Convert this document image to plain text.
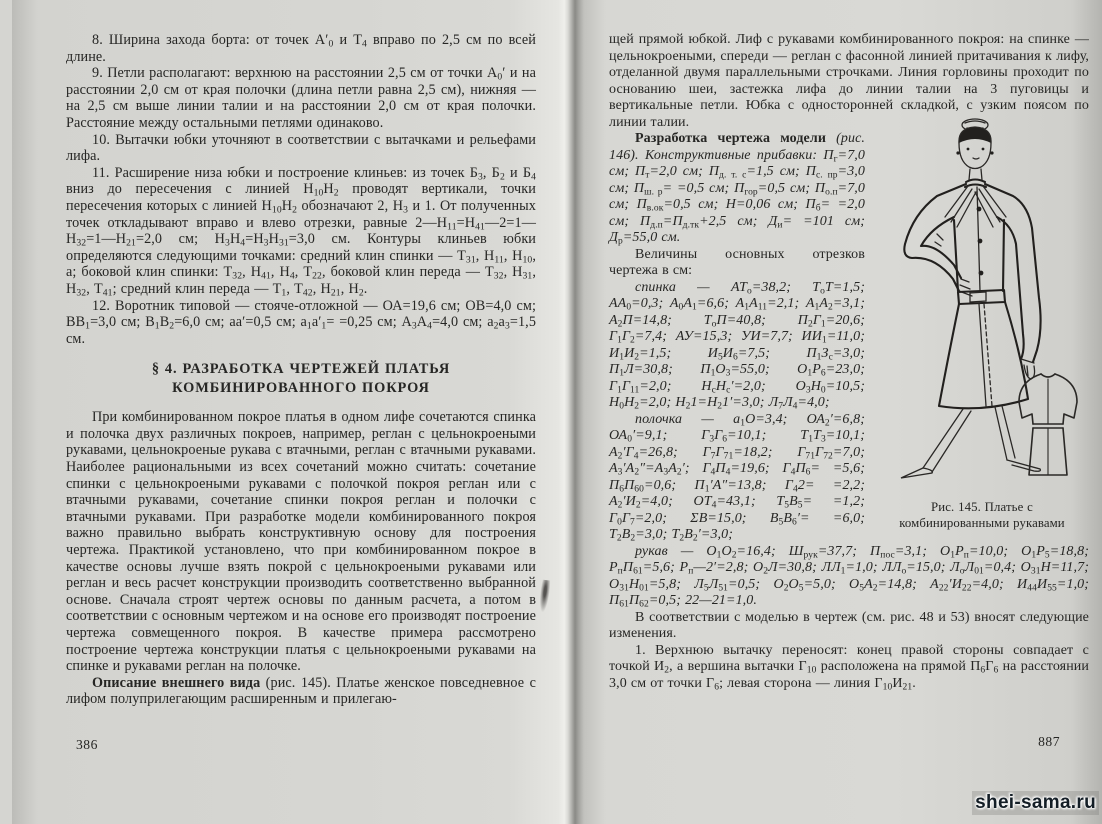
8. Ширина захода борта: от точек $А'_0$ и $Т_4$ вправо по 2,5 см по всей длине.

9. Петли располагают: верхнюю на расстоянии 2,5 см от точки $А_0'$ и на расстоянии 2,0 см от края полочки (длина петли равна 2,5 см), нижняя — на 2,5 см выше линии талии и на расстоянии 2,0 см от края полочки. Расстояние между остальными петлями одинаково.

10. Вытачки юбки уточняют в соответствии с вытачками и рельефами лифа.

11. Расширение низа юбки и построение клиньев: из точек $Б_3$, $Б_2$ и $Б_4$ вниз до пересечения с линией $Н_{10}Н_2$ проводят вертикали, точки пересечения которых с линией $Н_{10}Н_2$ обозначают 2, $Н_3$ и 1. От полученных точек откладывают вправо и влево отрезки, равные $2—Н_{11}=Н_{41}—2=1—Н_{32}=1—Н_{21}=2,0$ см; $Н_3Н_4=Н_3Н_{31}=3,0$ см. Контуры клиньев юбки определяются следующими точками: средний клин спинки — $Т_{31}$, $Н_{11}$, $Н_{10}$, а; боковой клин спинки: $Т_{32}$, $Н_{41}$, $Н_4$, $Т_{22}$, боковой клин переда — $Т_{32}$, $Н_{31}$, $Н_{32}$, $Т_{41}$; средний клин переда — $Т_1$, $Т_{42}$, $Н_{21}$, $Н_2$.

12. Воротник типовой — стояче-отложной — ОА=19,6 см; ОВ=4,0 см; $ВВ_1=3,0$ см; $В_1В_2=6,0$ см; аа′=0,5 см; $а_1а'_1= =0,25$ см; $А_3А_4=4,0$ см; $а_2а_3=1,5$ см.

§ 4. РАЗРАБОТКА ЧЕРТЕЖЕЙ ПЛАТЬЯ
КОМБИНИРОВАННОГО ПОКРОЯ

При комбинированном покрое платья в одном лифе сочетаются спинка и полочка двух различных покроев, например, реглан с цельнокроеными рукавами, цельнокроеные рукава с втачными, реглан с втачными рукавами. Наиболее рациональными из всех сочетаний можно считать: сочетание спинки с цельнокроеными рукавами с полочкой покроя реглан или с втачными рукавами, сочетание спинки покроя реглан и полочки с втачными рукавами. При разработке модели комбинированного покроя важно правильно выбрать конструктивную основу для построения чертежа. Практикой установлено, что при комбинированном покрое в качестве основы лучше взять покрой с цельнокроеными рукавами или реглан и весь расчет конструкции производить соответственно выбранной основе. Сначала строят чертеж основы по данным расчета, а потом в соответствии с основным чертежом и на основе его производят построение чертежа совмещенного покроя. В качестве примера рассмотрено построение чертежа конструкции платья с цельнокроеными рукавами на спинке и рукавами реглан на полочке.

Описание внешнего вида (рис. 145). Платье женское повседневное с лифом полуприлегающим расширенным и прилегаю-

386
Рис. 145. Платье с комбинированными рукавами

щей прямой юбкой. Лиф с рукавами комбинированного покроя: на спинке — цельнокроеными, спереди — реглан с фасонной линией притачивания к лифу, отделанной двумя параллельными строчками. Линия горловины проходит по основанию шеи, застежка лифа до линии талии на 3 пуговицы и вертикальные петли. Юбка с односторонней складкой, с узким поясом по линии талии.

Разработка чертежа модели (рис. 146). Конструктивные прибавки: $П_г=7,0$ см; $П_т=2,0$ см; $П_{д. т. с}=1,5$ см; $П_{с. пр}=3,0$ см; $П_{ш. р}= =0,5$ см; $П_{гор}=0,5$ см; $П_{о.п}=7,0$ см; $П_{в.ок}=0,5$ см; Н=0,06 см; $П_б= =2,0$ см; $П_{д.п}=П_{д.тк}+2,5$ см; $Д_и= =101$ см; $Д_р=55,0$ см.

Величины основных отрезков чертежа в см:

спинка — $АТ_о=38,2$; $Т_оТ=1,5$; $АА_0=0,3$; $А_0А_1=6,6$; $А_1А_{11}=2,1$; $А_1А_2=3,1$; $А_2П=14,8$; $Т_оП=40,8$; $П_2Г_1=20,6$; $Г_1Г_2=7,4$; АУ=15,3; УИ=7,7; $ИИ_1=11,0$; $И_1И_2=1,5$; $И_5И_6=7,5$; $П_1З_с=3,0$; $П_1Л=30,8$; $П_1О_3=55,0$; $О_1Р_6=23,0$; $Г_1Г_{11}=2,0$; $Н_сН_с'=2,0$; $О_3Н_0=10,5$; $Н_0Н_2=2,0$; $Н_21=Н_21'=3,0$; $Л_7Л_4=4,0$;

полочка — $а_1О=3,4$; $ОА_2'=6,8$; $ОА_0'=9,1$; $Г_3Г_6=10,1$; $Т_1Т_3=10,1$; $А_2'Г_4=26,8$; $Г_7Г_{71}=18,2$; $Г_{71}Г_{72}=7,0$; $А_3'А_2''=А_3А_2'$; $Г_4П_4=19,6$; $Г_4П_6= =5,6$; $П_6П_{60}=0,6$; $П_1'А''=13,8$; $Г_42= =2,2$; $А_2'И_2=4,0$; $ОТ_4=43,1$; $Т_5В_5= =1,2$; $Г_0Г_7=2,0$; ΣВ=15,0; $В_5В_6'= =6,0$; $Т_2В_2=3,0$; $Т_2В_2'=3,0$;

рукав — $О_1О_2=16,4$; $Ш_{рук}=37,7$; $П_{пос}=3,1$; $О_1Р_п=10,0$; $О_1Р_5=18,8$; $Р_пП_{61}=5,6$; $Р_п—2'=2,8$; $О_2Л=30,8$; $ЛЛ_1=1,0$; $ЛЛ_о=15,0$; $Л_оЛ_{01}=0,4$; $О_{31}Н=11,7$; $О_{31}Н_{01}=5,8$; $Л_5Л_{51}=0,5$; $О_2О_5=5,0$; $О_5А_2=14,8$; $А_{22}'И_{22}=4,0$; $И_{44}И_{55}=1,0$; $П_{61}П_{62}=0,5$; 22—21=1,0.

В соответствии с моделью в чертеж (см. рис. 48 и 53) вносят следующие изменения.

1. Верхнюю вытачку переносят: конец правой стороны совпадает с точкой $И_2$, а вершина вытачки $Г_{10}$ расположена на прямой $П_6Г_6$ на расстоянии 3,0 см от точки $Г_6$; левая сторона — линия $Г_{10}И_{21}$.

887
shei-sama.ru
